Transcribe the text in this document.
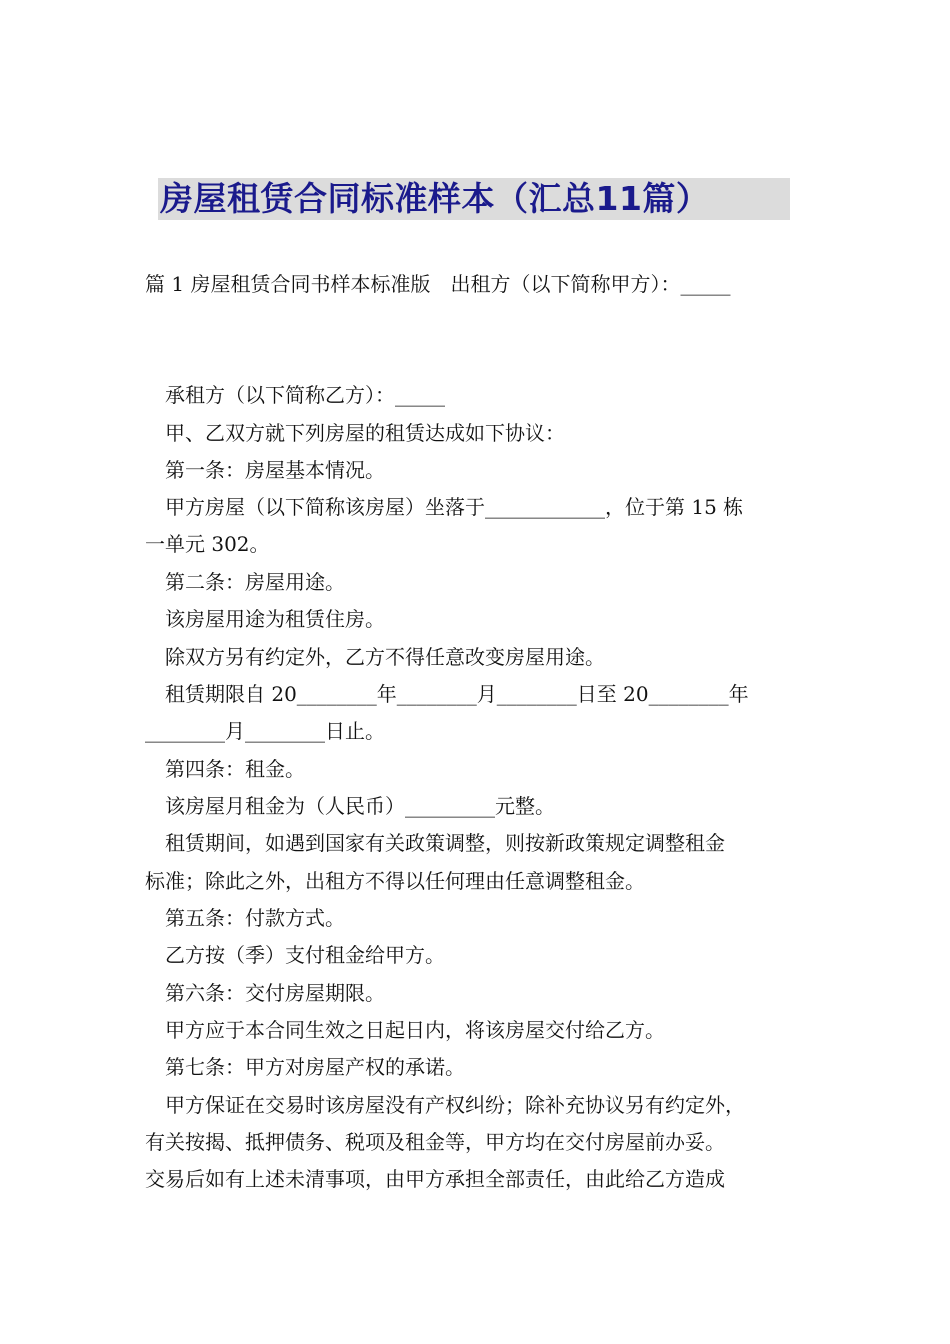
房屋租赁合同标准样本（汇总11篇）
篇 1 房屋租赁合同书样本标准版　出租方（以下简称甲方）：_____
承租方（以下简称乙方）：_____
甲、乙双方就下列房屋的租赁达成如下协议：
第一条：房屋基本情况。
甲方房屋（以下简称该房屋）坐落于____________，位于第 15 栋
一单元 302。
第二条：房屋用途。
该房屋用途为租赁住房。
除双方另有约定外，乙方不得任意改变房屋用途。
租赁期限自 20________年________月________日至 20________年
________月________日止。
第四条：租金。
该房屋月租金为（人民币）_________元整。
租赁期间，如遇到国家有关政策调整，则按新政策规定调整租金
标准；除此之外，出租方不得以任何理由任意调整租金。
第五条：付款方式。
乙方按（季）支付租金给甲方。
第六条：交付房屋期限。
甲方应于本合同生效之日起日内，将该房屋交付给乙方。
第七条：甲方对房屋产权的承诺。
甲方保证在交易时该房屋没有产权纠纷；除补充协议另有约定外，
有关按揭、抵押债务、税项及租金等，甲方均在交付房屋前办妥。
交易后如有上述未清事项，由甲方承担全部责任，由此给乙方造成
